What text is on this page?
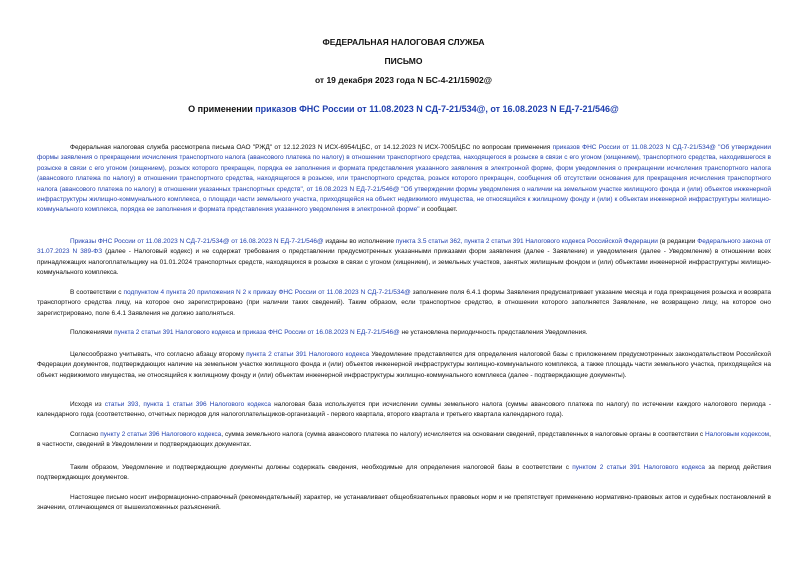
ФЕДЕРАЛЬНАЯ НАЛОГОВАЯ СЛУЖБА
ПИСЬМО
от 19 декабря 2023 года N БС-4-21/15902@
О применении приказов ФНС России от 11.08.2023 N СД-7-21/534@, от 16.08.2023 N ЕД-7-21/546@

Федеральная налоговая служба рассмотрела письма ОАО "РЖД" от 12.12.2023 N ИСХ-6954/ЦБС, от 14.12.2023 N ИСХ-7005/ЦБС по вопросам применения приказов ФНС России от 11.08.2023 N СД-7-21/534@ "Об утверждении формы заявления о прекращении исчисления транспортного налога (авансового платежа по налогу) в отношении транспортного средства, находящегося в розыске в связи с его угоном (хищением), транспортного средства, находившегося в розыске в связи с его угоном (хищением), розыск которого прекращен, порядка ее заполнения и формата представления указанного заявления в электронной форме, форм уведомления о прекращении исчисления транспортного налога (авансового платежа по налогу) в отношении транспортного средства, находящегося в розыске, или транспортного средства, розыск которого прекращен, сообщения об отсутствии основания для прекращения исчисления транспортного налога (авансового платежа по налогу) в отношении указанных транспортных средств", от 16.08.2023 N ЕД-7-21/546@ "Об утверждении формы уведомления о наличии на земельном участке жилищного фонда и (или) объектов инженерной инфраструктуры жилищно-коммунального комплекса, о площади части земельного участка, приходящейся на объект недвижимого имущества, не относящийся к жилищному фонду и (или) к объектам инженерной инфраструктуры жилищно-коммунального комплекса, порядка ее заполнения и формата представления указанного уведомления в электронной форме" и сообщает.

Приказы ФНС России от 11.08.2023 N СД-7-21/534@ от 16.08.2023 N ЕД-7-21/546@ изданы во исполнение пункта 3.5 статьи 362, пункта 2 статьи 391 Налогового кодекса Российской Федерации (в редакции Федерального закона от 31.07.2023 N 389-ФЗ (далее - Налоговый кодекс) и не содержат требования о представлении предусмотренных указанными приказами форм заявления (далее - Заявление) и уведомления (далее - Уведомление) в отношении всех принадлежащих налогоплательщику на 01.01.2024 транспортных средств, находящихся в розыске в связи с угоном (хищением), и земельных участков, занятых жилищным фондом и (или) объектами инженерной инфраструктуры жилищно-коммунального комплекса.

В соответствии с подпунктом 4 пункта 20 приложения N 2 к приказу ФНС России от 11.08.2023 N СД-7-21/534@ заполнение поля 6.4.1 формы Заявления предусматривает указание месяца и года прекращения розыска и возврата транспортного средства лицу, на которое оно зарегистрировано (при наличии таких сведений). Таким образом, если транспортное средство, в отношении которого заполняется Заявление, не возвращено лицу, на которое оно зарегистрировано, поле 6.4.1 Заявления не должно заполняться.

Положениями пункта 2 статьи 391 Налогового кодекса и приказа ФНС России от 16.08.2023 N ЕД-7-21/546@ не установлена периодичность представления Уведомления.

Целесообразно учитывать, что согласно абзацу второму пункта 2 статьи 391 Налогового кодекса Уведомление представляется для определения налоговой базы с приложением предусмотренных законодательством Российской Федерации документов, подтверждающих наличие на земельном участке жилищного фонда и (или) объектов инженерной инфраструктуры жилищно-коммунального комплекса, а также площадь части земельного участка, приходящейся на объект недвижимого имущества, не относящийся к жилищному фонду и (или) объектам инженерной инфраструктуры жилищно-коммунального комплекса (далее - подтверждающие документы).

Исходя из статьи 393, пункта 1 статьи 396 Налогового кодекса налоговая база используется при исчислении суммы земельного налога (суммы авансового платежа по налогу) по истечении каждого налогового периода - календарного года (соответственно, отчетных периодов для налогоплательщиков-организаций - первого квартала, второго квартала и третьего квартала календарного года).

Согласно пункту 2 статьи 396 Налогового кодекса, сумма земельного налога (сумма авансового платежа по налогу) исчисляется на основании сведений, представленных в налоговые органы в соответствии с Налоговым кодексом, в частности, сведений в Уведомлении и подтверждающих документах.

Таким образом, Уведомление и подтверждающие документы должны содержать сведения, необходимые для определения налоговой базы в соответствии с пунктом 2 статьи 391 Налогового кодекса за период действия подтверждающих документов.

Настоящее письмо носит информационно-справочный (рекомендательный) характер, не устанавливает общеобязательных правовых норм и не препятствует применению нормативно-правовых актов и судебных постановлений в значении, отличающемся от вышеизложенных разъяснений.
